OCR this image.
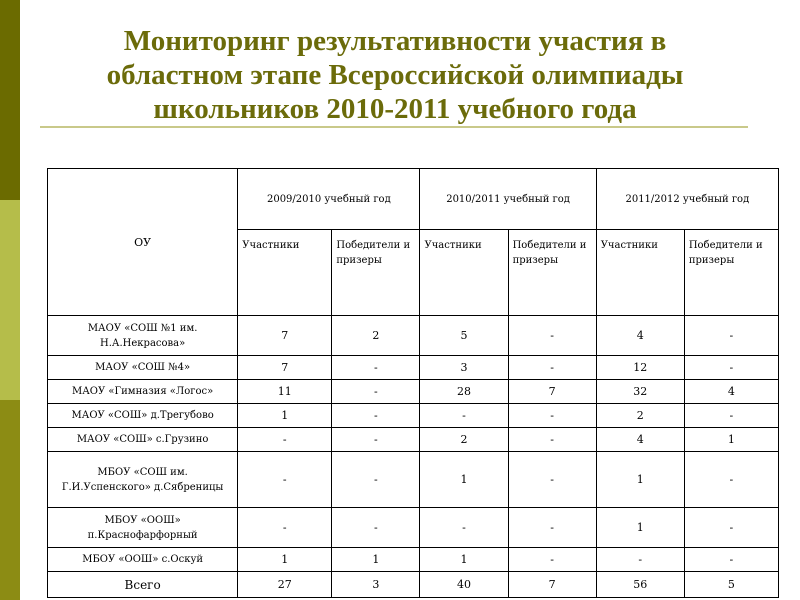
Мониторинг результативности участия в
областном этапе Всероссийской олимпиады
школьников 2010-2011 учебного года
ОУ	2009/2010 учебный год		2010/2011 учебный год		2011/2012 учебный год	
	Участники	Победители и призеры	Участники	Победители и призеры	Участники	Победители и призеры
МАОУ «СОШ №1 им. Н.А.Некрасова»	7	2	5	-	4	-
МАОУ «СОШ №4»	7	-	3	-	12	-
МАОУ «Гимназия «Логос»	11	-	28	7	32	4
МАОУ «СОШ» д.Трегубово	1	-	-	-	2	-
МАОУ «СОШ» с.Грузино	-	-	2	-	4	1
МБОУ «СОШ им. Г.И.Успенского» д.Сябреницы	-	-	1	-	1	-
МБОУ «ООШ» п.Краснофарфорный	-	-	-	-	1	-
МБОУ «ООШ» с.Оскуй	1	1	1	-	-	-
Всего	27	3	40	7	56	5
